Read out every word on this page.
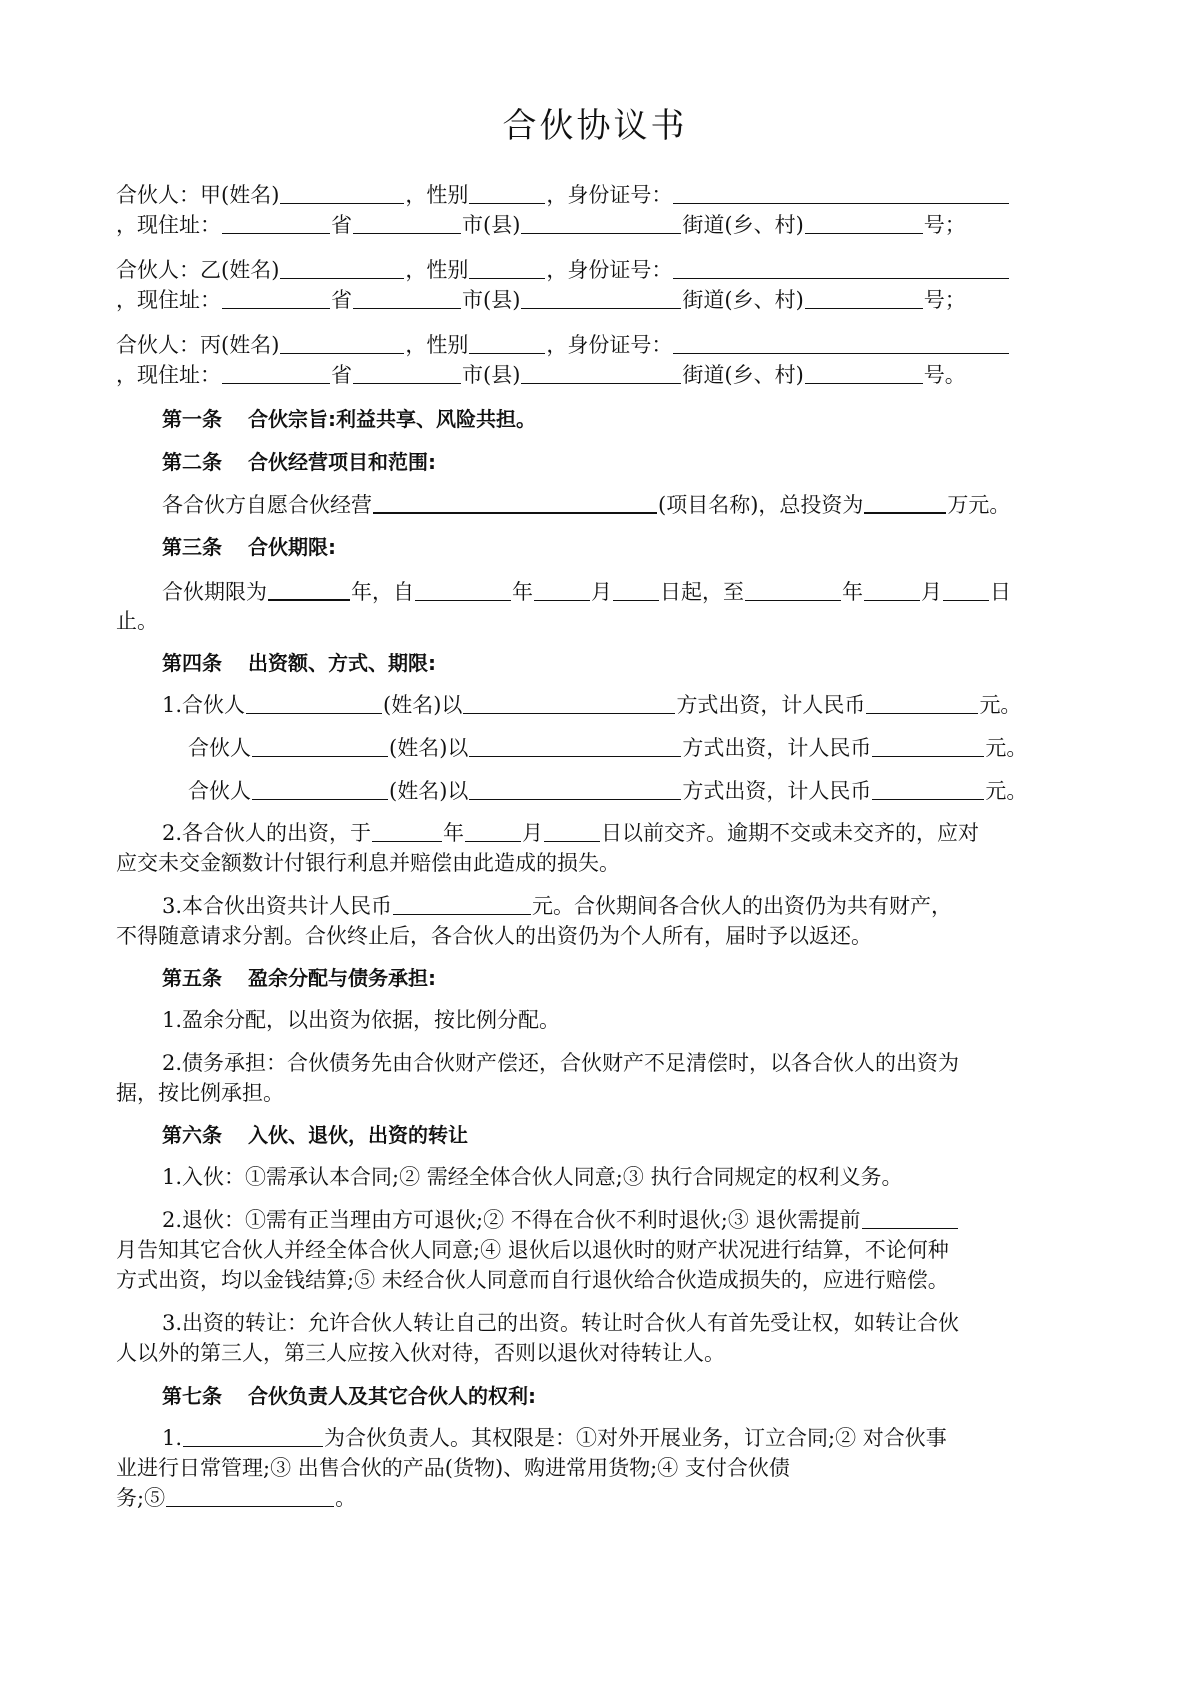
合伙协议书
合伙人：甲(姓名)	，性别	，身份证号：
，现住址：	省	市(县)	街道(乡、村)	号；
合伙人：乙(姓名)	，性别	，身份证号：
，现住址：	省	市(县)	街道(乡、村)	号；
合伙人：丙(姓名)	，性别	，身份证号：
，现住址：	省	市(县)	街道(乡、村)	号。
第一条 合伙宗旨:利益共享、风险共担。
第二条 合伙经营项目和范围:
各合伙方自愿合伙经营	(项目名称)，总投资为	万元。
第三条 合伙期限:
合伙期限为	年，自	年	月 日起，至	年	月 日
止。
第四条 出资额、方式、期限:
1.合伙人	(姓名)以	方式出资，计人民币	元。
合伙人	(姓名)以	方式出资，计人民币	元。
合伙人	(姓名)以	方式出资，计人民币	元。
2.各合伙人的出资，于	年	月	日以前交齐。逾期不交或未交齐的，应对
应交未交金额数计付银行利息并赔偿由此造成的损失。
3.本合伙出资共计人民币	元。合伙期间各合伙人的出资仍为共有财产，
不得随意请求分割。合伙终止后，各合伙人的出资仍为个人所有，届时予以返还。
第五条 盈余分配与债务承担:
1.盈余分配，以出资为依据，按比例分配。
2.债务承担：合伙债务先由合伙财产偿还，合伙财产不足清偿时，以各合伙人的出资为
据，按比例承担。
第六条 入伙、退伙，出资的转让
1.入伙：①需承认本合同;② 需经全体合伙人同意;③ 执行合同规定的权利义务。
2.退伙：①需有正当理由方可退伙;② 不得在合伙不利时退伙;③ 退伙需提前
月告知其它合伙人并经全体合伙人同意;④ 退伙后以退伙时的财产状况进行结算，不论何种
方式出资，均以金钱结算;⑤ 未经合伙人同意而自行退伙给合伙造成损失的，应进行赔偿。
3.出资的转让：允许合伙人转让自己的出资。转让时合伙人有首先受让权，如转让合伙
人以外的第三人，第三人应按入伙对待，否则以退伙对待转让人。
第七条 合伙负责人及其它合伙人的权利:
1.	为合伙负责人。其权限是：①对外开展业务，订立合同;② 对合伙事
业进行日常管理;③ 出售合伙的产品(货物)、购进常用货物;④ 支付合伙债
务;⑤	。
